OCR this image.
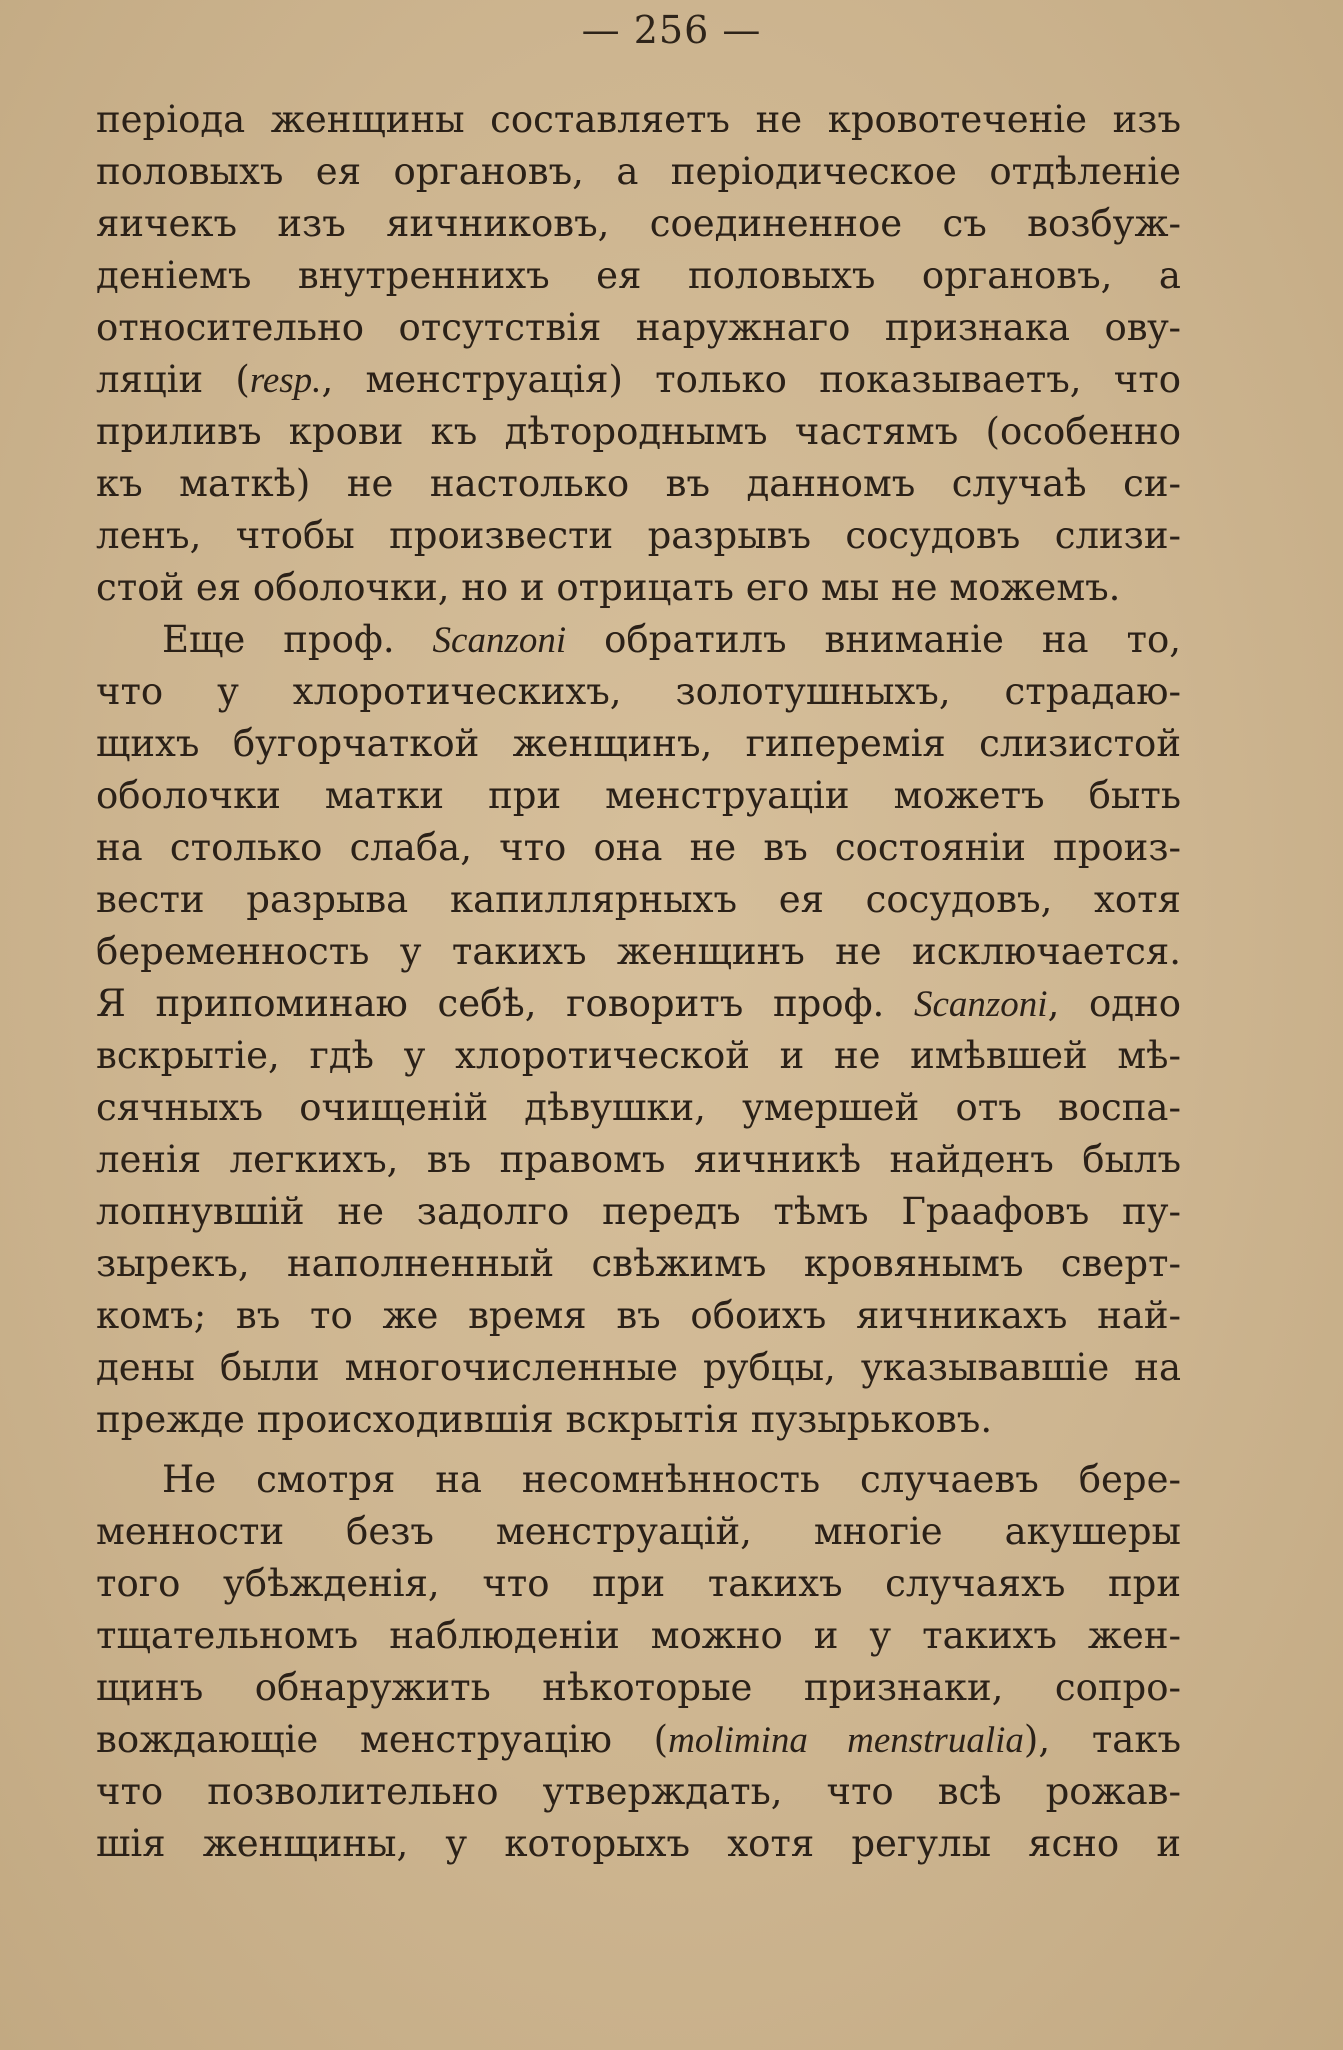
— 256 —
періода женщины составляетъ не кровотеченіе изъ
половыхъ ея органовъ, а періодическое отдѣленіе
яичекъ изъ яичниковъ, соединенное съ возбуж-
деніемъ внутреннихъ ея половыхъ органовъ, а
относительно отсутствія наружнаго признака овy-
ляціи (resp., менструація) только показываетъ, что
приливъ крови къ дѣтороднымъ частямъ (особенно
къ маткѣ) не настолько въ данномъ случаѣ си-
ленъ, чтобы произвести разрывъ сосудовъ слизи-
стой ея оболочки, но и отрицать его мы не можемъ.
Еще проф. Scanzoni обратилъ вниманіе на то,
что у хлоротическихъ, золотушныхъ, страдаю-
щихъ бугорчаткой женщинъ, гиперемія слизистой
оболочки матки при менструаціи можетъ быть
на столько слаба, что она не въ состояніи произ-
вести разрыва капиллярныхъ ея сосудовъ, хотя
беременность у такихъ женщинъ не исключается.
Я припоминаю себѣ, говоритъ проф. Scanzoni, одно
вскрытіе, гдѣ у хлоротической и не имѣвшей мѣ-
сячныхъ очищеній дѣвушки, умершей отъ воспа-
ленія легкихъ, въ правомъ яичникѣ найденъ былъ
лопнувшій не задолго передъ тѣмъ Граафовъ пу-
зырекъ, наполненный свѣжимъ кровянымъ сверт-
комъ; въ то же время въ обоихъ яичникахъ най-
дены были многочисленные рубцы, указывавшіе на
прежде происходившія вскрытія пузырьковъ.
Не смотря на несомнѣнность случаевъ бере-
менности безъ менструацій, многіе акушеры
того убѣжденія, что при такихъ случаяхъ при
тщательномъ наблюденіи можно и у такихъ жен-
щинъ обнаружить нѣкоторые признаки, сопро-
вождающіе менструацію (molimina menstrualia), такъ
что позволительно утверждать, что всѣ рожав-
шія женщины, у которыхъ хотя регулы ясно и
